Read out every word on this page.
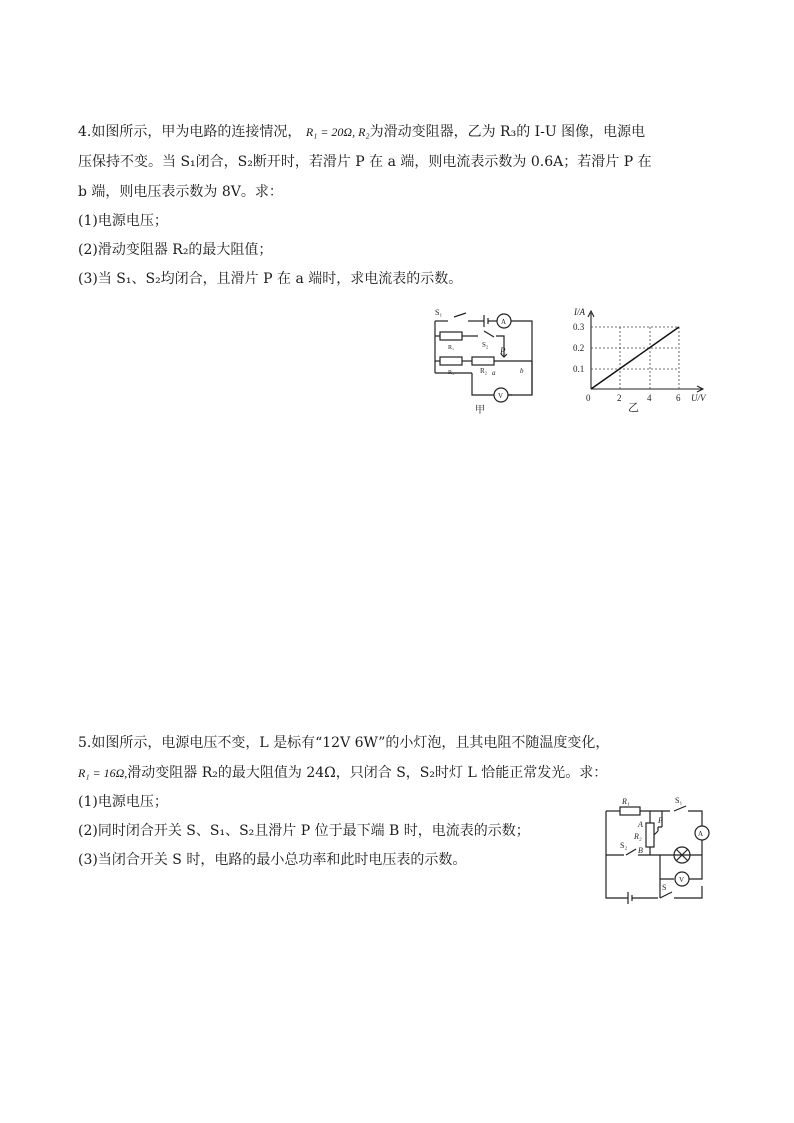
4.如图所示，甲为电路的连接情况， R₁ = 20Ω, R₂为滑动变阻器，乙为 R₃的 I-U 图像，电源电
压保持不变。当 S₁闭合，S₂断开时，若滑片 P 在 a 端，则电流表示数为 0.6A；若滑片 P 在
b 端，则电压表示数为 8V。求：
(1)电源电压；
(2)滑动变阻器 R₂的最大阻值；
(3)当 S₁、S₂均闭合，且滑片 P 在 a 端时，求电流表的示数。
S₁
A
R₁	S₂
R₃
P
R₂ a	b
V
甲
I/A
0.3
0.2
0.1
0	2	4	6 U/V
乙
5.如图所示，电源电压不变，L 是标有“12V 6W”的小灯泡，且其电阻不随温度变化，
R₁ = 16Ω,滑动变阻器 R₂的最大阻值为 24Ω，只闭合 S，S₂时灯 L 恰能正常发光。求：
(1)电源电压；
(2)同时闭合开关 S、S₁、S₂且滑片 P 位于最下端 B 时，电流表的示数；
(3)当闭合开关 S 时，电路的最小总功率和此时电压表的示数。
R₁	S₁
A
A P
R₂
B
S₂
V
S
